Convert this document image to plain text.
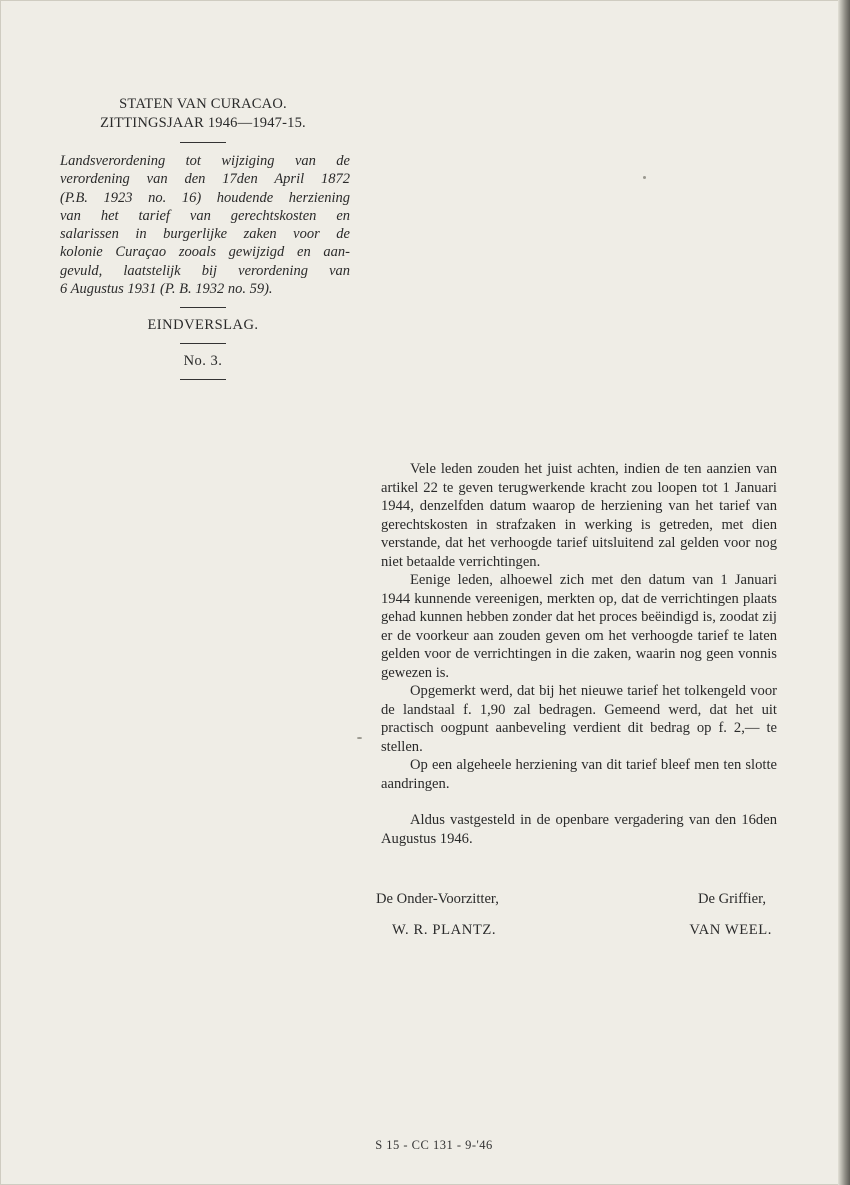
STATEN VAN CURACAO.
ZITTINGSJAAR 1946—1947-15.
Landsverordening tot wijziging van de
verordening van den 17den April 1872
(P.B. 1923 no. 16) houdende herziening
van het tarief van gerechtskosten en
salarissen in burgerlijke zaken voor de
kolonie Curaçao zooals gewijzigd en aan-
gevuld, laatstelijk bij verordening van
6 Augustus 1931 (P. B. 1932 no. 59).
EINDVERSLAG.
No. 3.

Vele leden zouden het juist achten, indien de ten aanzien van artikel 22 te geven terugwerkende kracht zou loopen tot 1 Januari 1944, denzelfden datum waarop de herziening van het tarief van gerechtskosten in strafzaken in werking is getreden, met dien verstande, dat het verhoogde tarief uitsluitend zal gelden voor nog niet betaalde verrichtingen.

Eenige leden, alhoewel zich met den datum van 1 Januari 1944 kunnende vereenigen, merkten op, dat de verrichtingen plaats gehad kunnen hebben zonder dat het proces beëindigd is, zoodat zij er de voorkeur aan zouden geven om het verhoogde tarief te laten gelden voor de verrichtingen in die zaken, waarin nog geen vonnis gewezen is.

Opgemerkt werd, dat bij het nieuwe tarief het tolkengeld voor de landstaal f. 1,90 zal bedragen. Gemeend werd, dat het uit practisch oogpunt aanbeveling verdient dit bedrag op f. 2,— te stellen.

Op een algeheele herziening van dit tarief bleef men ten slotte aandringen.

Aldus vastgesteld in de openbare vergadering van den 16den Augustus 1946.

De Onder-Voorzitter,	De Griffier,
W. R. PLANTZ.	VAN WEEL.
S 15 - CC 131 - 9-'46
